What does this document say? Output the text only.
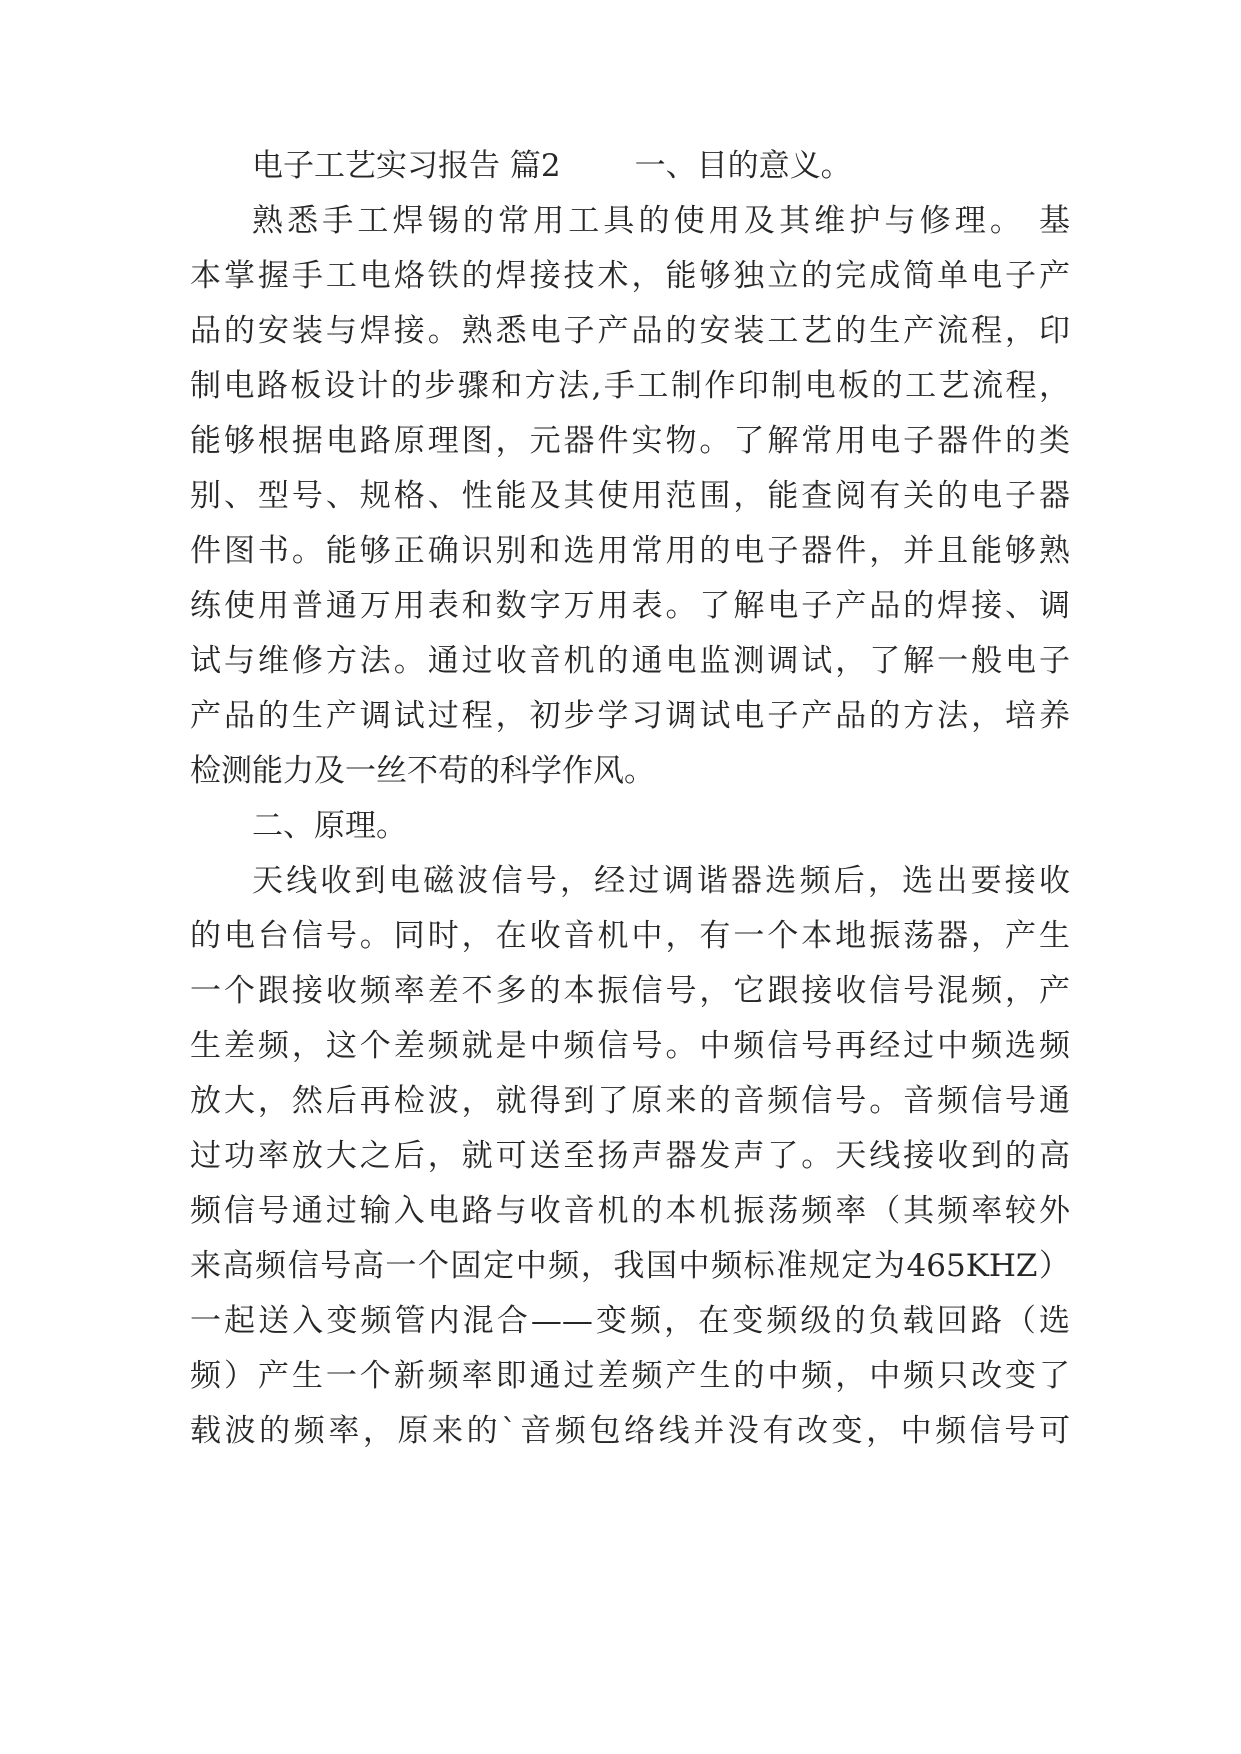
电子工艺实习报告 篇2 一、目的意义。
熟悉手工焊锡的常用工具的使用及其维护与修理。 基
本掌握手工电烙铁的焊接技术，能够独立的完成简单电子产
品的安装与焊接。熟悉电子产品的安装工艺的生产流程，印
制电路板设计的步骤和方法,手工制作印制电板的工艺流程，
能够根据电路原理图，元器件实物。了解常用电子器件的类
别、型号、规格、性能及其使用范围，能查阅有关的电子器
件图书。能够正确识别和选用常用的电子器件，并且能够熟
练使用普通万用表和数字万用表。了解电子产品的焊接、调
试与维修方法。通过收音机的通电监测调试，了解一般电子
产品的生产调试过程，初步学习调试电子产品的方法，培养
检测能力及一丝不苟的科学作风。
二、原理。
天线收到电磁波信号，经过调谐器选频后，选出要接收
的电台信号。同时，在收音机中，有一个本地振荡器，产生
一个跟接收频率差不多的本振信号，它跟接收信号混频，产
生差频，这个差频就是中频信号。中频信号再经过中频选频
放大，然后再检波，就得到了原来的音频信号。音频信号通
过功率放大之后，就可送至扬声器发声了。天线接收到的高
频信号通过输入电路与收音机的本机振荡频率（其频率较外
来高频信号高一个固定中频，我国中频标准规定为465KHZ）
一起送入变频管内混合——变频，在变频级的负载回路（选
频）产生一个新频率即通过差频产生的中频，中频只改变了
载波的频率，原来的`音频包络线并没有改变，中频信号可
